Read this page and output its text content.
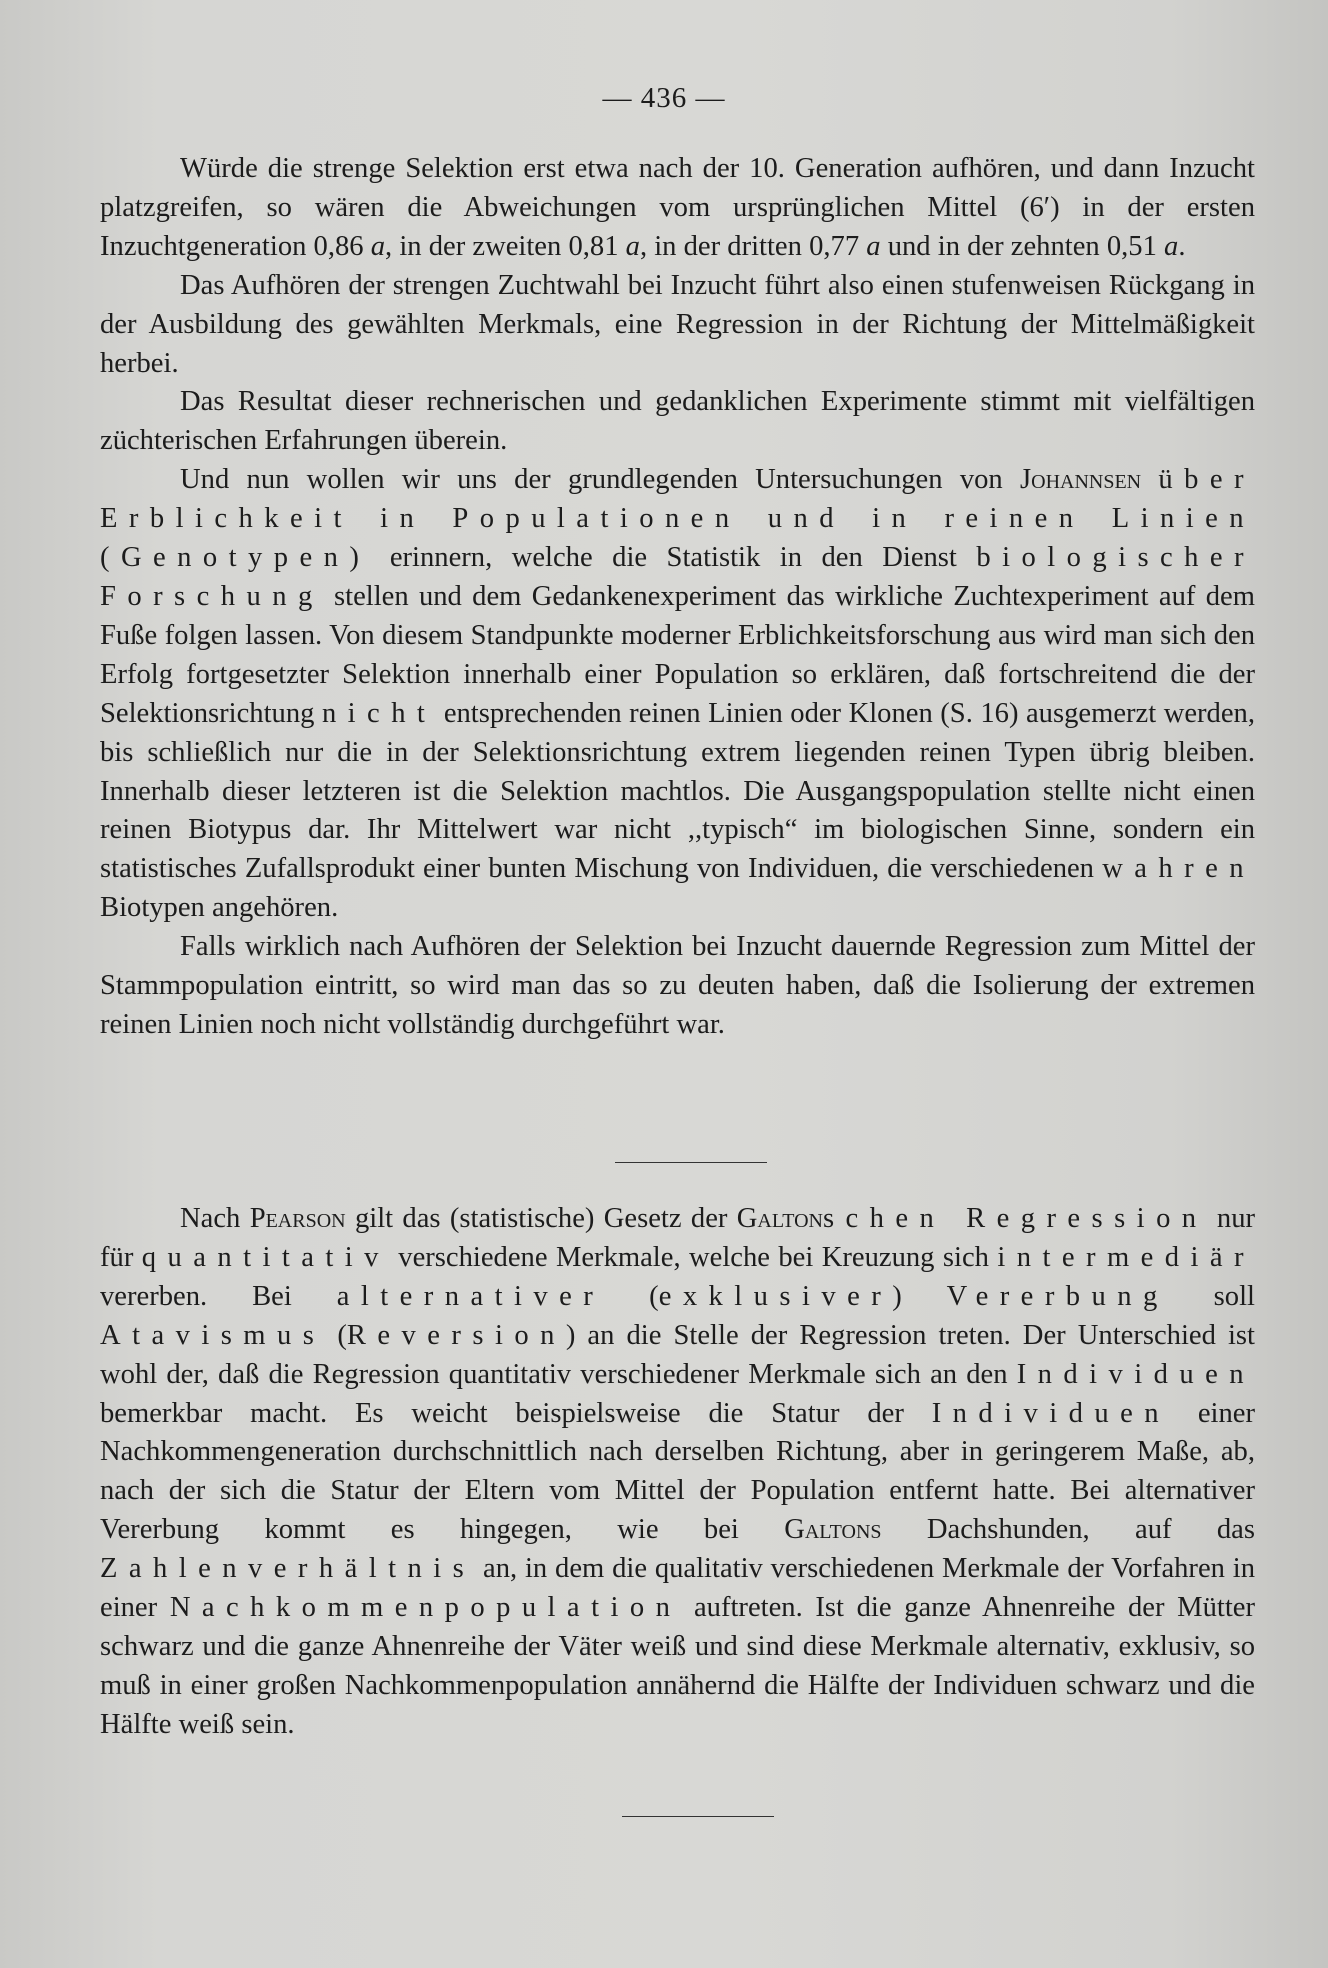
— 436 —

Würde die strenge Selektion erst etwa nach der 10. Generation aufhören, und dann Inzucht platzgreifen, so wären die Abweichungen vom ursprünglichen Mittel (6′) in der ersten Inzuchtgeneration 0,86 a, in der zweiten 0,81 a, in der dritten 0,77 a und in der zehnten 0,51 a.

Das Aufhören der strengen Zuchtwahl bei Inzucht führt also einen stufenweisen Rückgang in der Ausbildung des gewählten Merkmals, eine Regression in der Richtung der Mittelmäßigkeit herbei.

Das Resultat dieser rechnerischen und gedanklichen Experimente stimmt mit vielfältigen züchterischen Erfahrungen überein.

Und nun wollen wir uns der grundlegenden Untersuchungen von Johannsen über Erblichkeit in Populationen und in reinen Linien (Genotypen) erinnern, welche die Statistik in den Dienst biologischer Forschung stellen und dem Gedankenexperiment das wirkliche Zuchtexperiment auf dem Fuße folgen lassen. Von diesem Standpunkte moderner Erblichkeitsforschung aus wird man sich den Erfolg fortgesetzter Selektion innerhalb einer Population so erklären, daß fortschreitend die der Selektionsrichtung nicht entsprechenden reinen Linien oder Klonen (S. 16) ausgemerzt werden, bis schließlich nur die in der Selektionsrichtung extrem liegenden reinen Typen übrig bleiben. Innerhalb dieser letzteren ist die Selektion machtlos. Die Ausgangspopulation stellte nicht einen reinen Biotypus dar. Ihr Mittelwert war nicht ,,typisch“ im biologischen Sinne, sondern ein statistisches Zufallsprodukt einer bunten Mischung von Individuen, die verschiedenen wahren Biotypen angehören.

Falls wirklich nach Aufhören der Selektion bei Inzucht dauernde Regression zum Mittel der Stammpopulation eintritt, so wird man das so zu deuten haben, daß die Isolierung der extremen reinen Linien noch nicht vollständig durchgeführt war.

Nach Pearson gilt das (statistische) Gesetz der Galtonschen Regression nur für quantitativ verschiedene Merkmale, welche bei Kreuzung sich intermediär vererben. Bei alternativer (exklusiver) Vererbung soll Atavismus (Reversion) an die Stelle der Regression treten. Der Unterschied ist wohl der, daß die Regression quantitativ verschiedener Merkmale sich an den Individuen bemerkbar macht. Es weicht beispielsweise die Statur der Individuen einer Nachkommengeneration durchschnittlich nach derselben Richtung, aber in geringerem Maße, ab, nach der sich die Statur der Eltern vom Mittel der Population entfernt hatte. Bei alternativer Vererbung kommt es hingegen, wie bei Galtons Dachshunden, auf das Zahlenverhältnis an, in dem die qualitativ verschiedenen Merkmale der Vorfahren in einer Nachkommenpopulation auftreten. Ist die ganze Ahnenreihe der Mütter schwarz und die ganze Ahnenreihe der Väter weiß und sind diese Merkmale alternativ, exklusiv, so muß in einer großen Nachkommenpopulation annähernd die Hälfte der Individuen schwarz und die Hälfte weiß sein.
